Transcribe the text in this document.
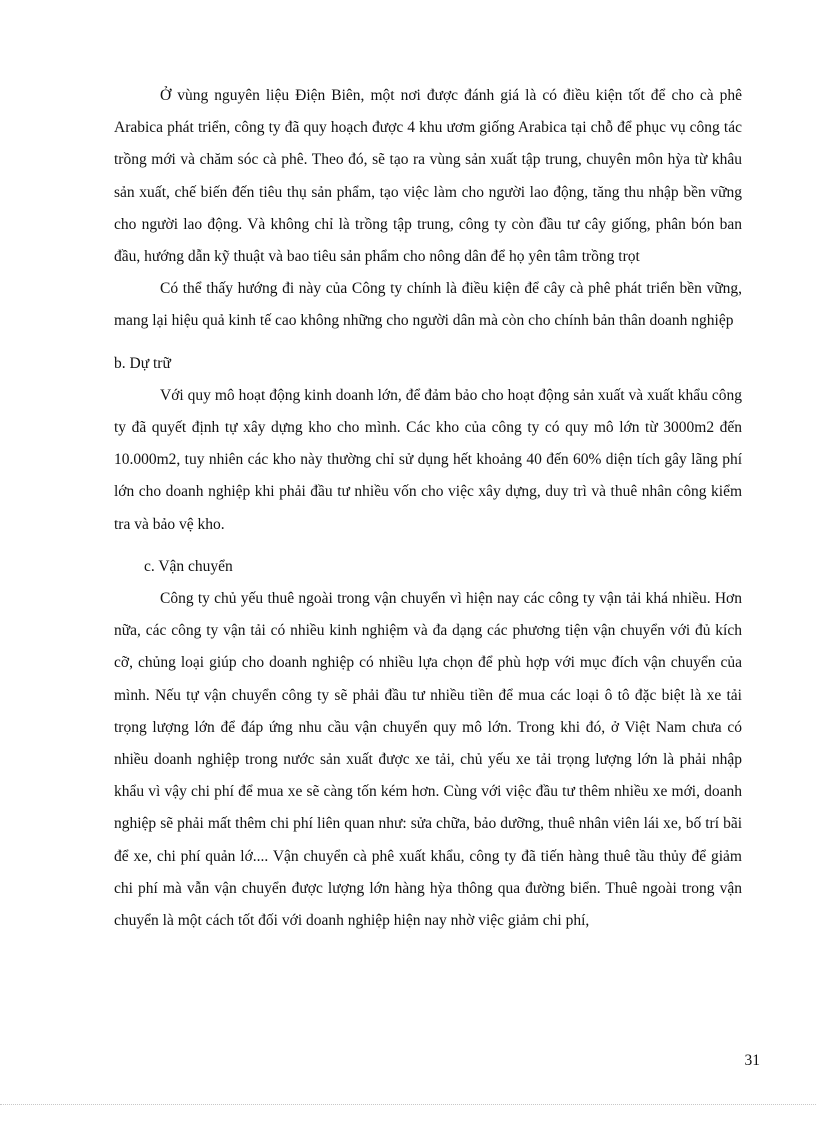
Ở vùng nguyên liệu Điện Biên, một nơi được đánh giá là có điều kiện tốt để cho cà phê Arabica phát triển, công ty đã quy hoạch được 4 khu ươm giống Arabica tại chỗ để phục vụ công tác trồng mới và chăm sóc cà phê. Theo đó, sẽ tạo ra vùng sản xuất tập trung, chuyên môn hỳa từ khâu sản xuất, chế biến đến tiêu thụ sản phẩm, tạo việc làm cho người lao động, tăng thu nhập bền vững cho người lao động. Và không chỉ là trồng tập trung, công ty còn đầu tư cây giống, phân bón ban đầu, hướng dẫn kỹ thuật và bao tiêu sản phẩm cho nông dân để họ yên tâm trồng trọt

Có thể thấy hướng đi này của Công ty chính là điều kiện để cây cà phê phát triển bền vững, mang lại hiệu quả kinh tế cao không những cho người dân mà còn cho chính bản thân doanh nghiệp

b. Dự trữ

Với quy mô hoạt động kinh doanh lớn, để đảm bảo cho hoạt động sản xuất và xuất khẩu công ty đã quyết định tự xây dựng kho cho mình. Các kho của công ty có quy mô lớn từ 3000m2 đến 10.000m2, tuy nhiên các kho này thường chỉ sử dụng hết khoảng 40 đến 60% diện tích gây lãng phí lớn cho doanh nghiệp khi phải đầu tư nhiều vốn cho việc xây dựng, duy trì và thuê nhân công kiểm tra và bảo vệ kho.

c. Vận chuyển

Công ty chủ yếu thuê ngoài trong vận chuyển vì hiện nay các công ty vận tải khá nhiều. Hơn nữa, các công ty vận tải có nhiều kinh nghiệm và đa dạng các phương tiện vận chuyển với đủ kích cỡ, chủng loại giúp cho doanh nghiệp có nhiều lựa chọn để phù hợp với mục đích vận chuyển của mình. Nếu tự vận chuyển công ty sẽ phải đầu tư nhiều tiền để mua các loại ô tô đặc biệt là xe tải trọng lượng lớn để đáp ứng nhu cầu vận chuyển quy mô lớn. Trong khi đó, ở Việt Nam chưa có nhiều doanh nghiệp trong nước sản xuất được xe tải, chủ yếu xe tải trọng lượng lớn là phải nhập khẩu vì vậy chi phí để mua xe sẽ càng tốn kém hơn. Cùng với việc đầu tư thêm nhiều xe mới, doanh nghiệp sẽ phải mất thêm chi phí liên quan như: sửa chữa, bảo dưỡng, thuê nhân viên lái xe, bố trí bãi để xe, chi phí quản lớ.... Vận chuyển cà phê xuất khẩu, công ty đã tiến hàng thuê tầu thủy để giảm chi phí mà vẫn vận chuyển được lượng lớn hàng hỳa thông qua đường biển. Thuê ngoài trong vận chuyển là một cách tốt đối với doanh nghiệp hiện nay nhờ việc giảm chi phí,

31
